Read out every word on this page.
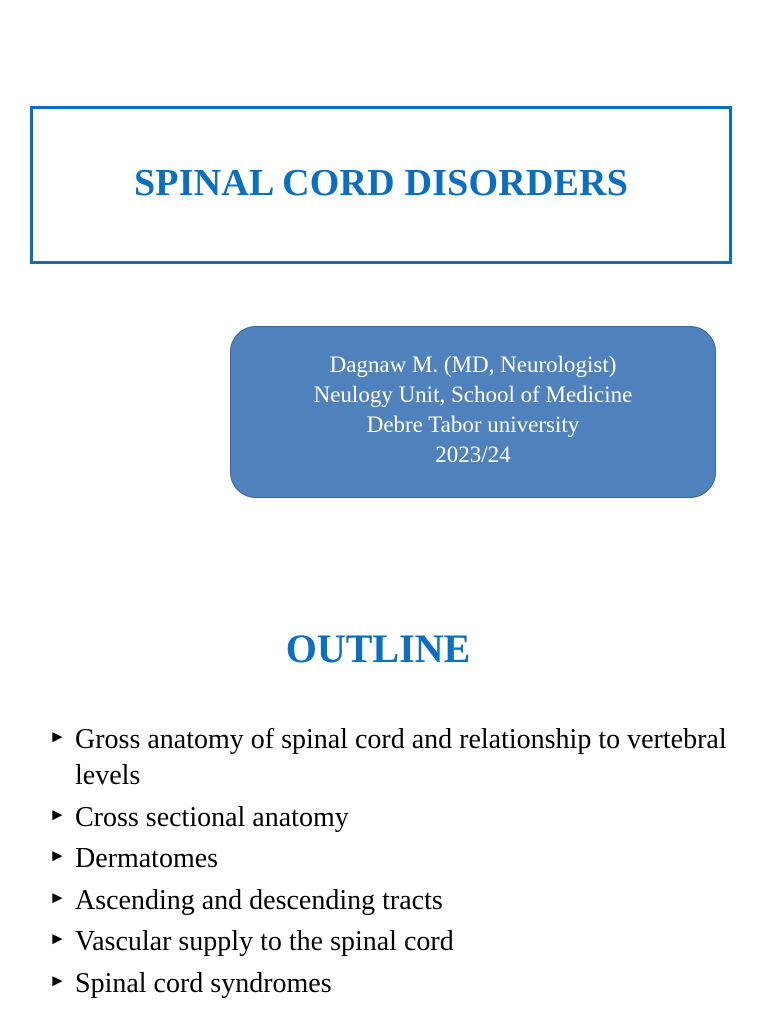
SPINAL CORD DISORDERS
Dagnaw M. (MD, Neurologist)
Neulogy Unit, School of Medicine
Debre Tabor university
2023/24
OUTLINE
► Gross anatomy of spinal cord and relationship to vertebral levels
► Cross sectional anatomy
► Dermatomes
► Ascending and descending tracts
► Vascular supply to the spinal cord
► Spinal cord syndromes
